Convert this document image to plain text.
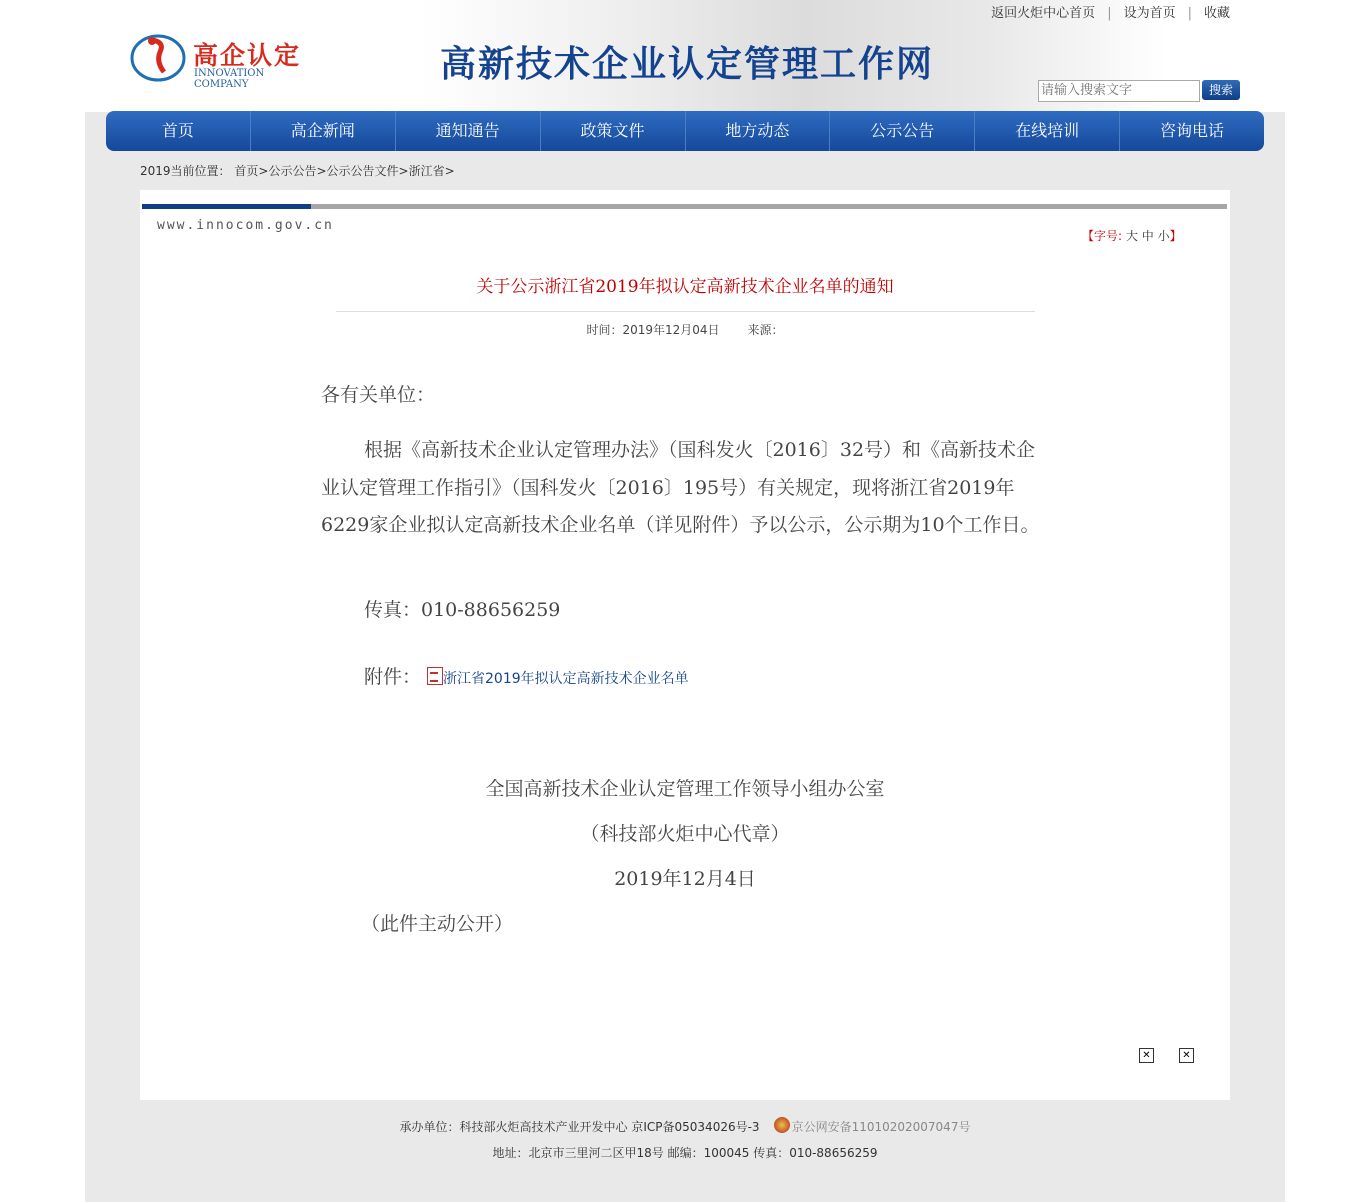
返回火炬中心首页 | 设为首页 | 收藏
高企认定
INNOVATION COMPANY	高新技术企业认定管理工作网
请输入搜索文字
搜索
首页	高企新闻	通知通告	政策文件	地方动态	公示公告	在线培训	咨询电话
2019当前位置： 首页>公示公告>公示公告文件>浙江省>
www.innocom.gov.cn
【字号: 大 中 小】
关于公示浙江省2019年拟认定高新技术企业名单的通知
时间：2019年12月04日 来源：
各有关单位：
根据《高新技术企业认定管理办法》（国科发火〔2016〕32号）和《高新技术企业认定管理工作指引》（国科发火〔2016〕195号）有关规定，现将浙江省2019年6229家企业拟认定高新技术企业名单（详见附件）予以公示，公示期为10个工作日。
传真：010-88656259
附件： 浙江省2019年拟认定高新技术企业名单
全国高新技术企业认定管理工作领导小组办公室
（科技部火炬中心代章）
2019年12月4日
（此件主动公开）
✕	✕
承办单位：科技部火炬高技术产业开发中心 京ICP备05034026号-3	京公网安备11010202007047号
地址：北京市三里河二区甲18号 邮编：100045 传真：010-88656259
